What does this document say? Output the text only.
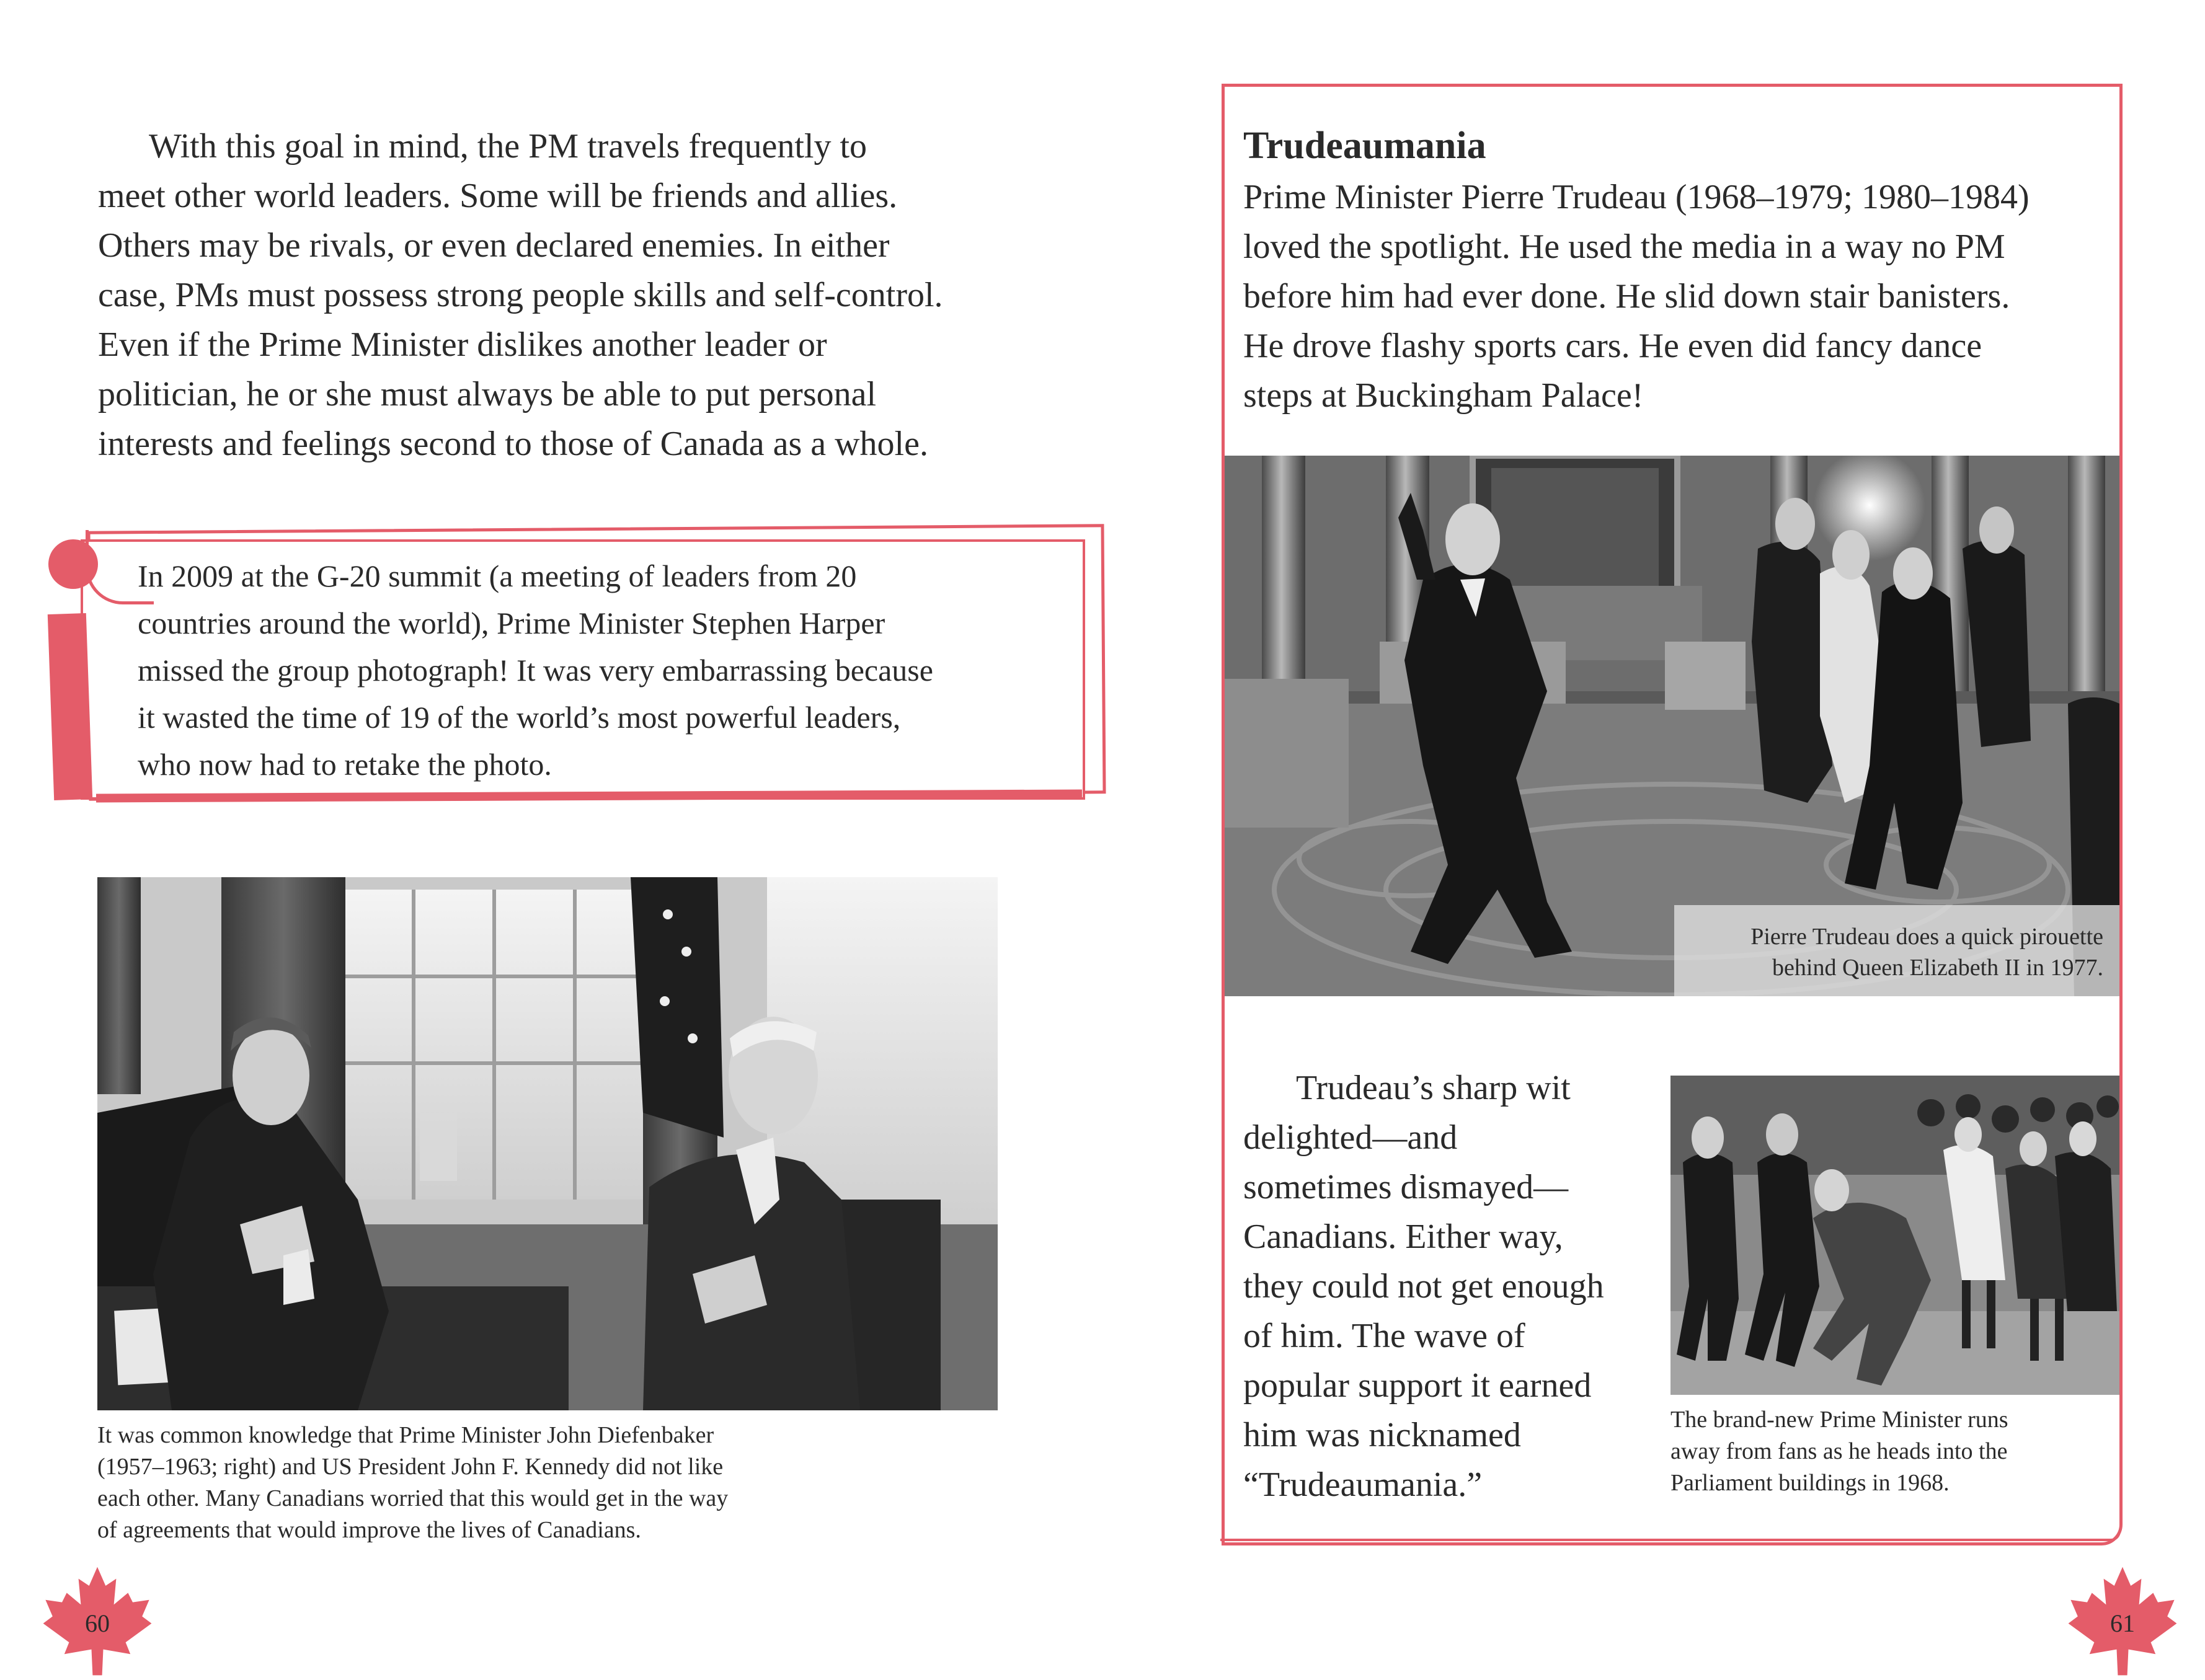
With this goal in mind, the PM travels frequently to
meet other world leaders. Some will be friends and allies.
Others may be rivals, or even declared enemies. In either
case, PMs must possess strong people skills and self-control.
Even if the Prime Minister dislikes another leader or
politician, he or she must always be able to put personal
interests and feelings second to those of Canada as a whole.

In 2009 at the G-20 summit (a meeting of leaders from 20
countries around the world), Prime Minister Stephen Harper
missed the group photograph! It was very embarrassing because
it wasted the time of 19 of the world’s most powerful leaders,
who now had to retake the photo.

It was common knowledge that Prime Minister John Diefenbaker
(1957–1963; right) and US President John F. Kennedy did not like
each other. Many Canadians worried that this would get in the way
of agreements that would improve the lives of Canadians.

60
Trudeaumania

Prime Minister Pierre Trudeau (1968–1979; 1980–1984)
loved the spotlight. He used the media in a way no PM
before him had ever done. He slid down stair banisters.
He drove flashy sports cars. He even did fancy dance
steps at Buckingham Palace!

Pierre Trudeau does a quick pirouette
behind Queen Elizabeth II in 1977.

Trudeau’s sharp wit
delighted—and
sometimes dismayed—
Canadians. Either way,
they could not get enough
of him. The wave of
popular support it earned
him was nicknamed
“Trudeaumania.”

The brand-new Prime Minister runs
away from fans as he heads into the
Parliament buildings in 1968.

61
